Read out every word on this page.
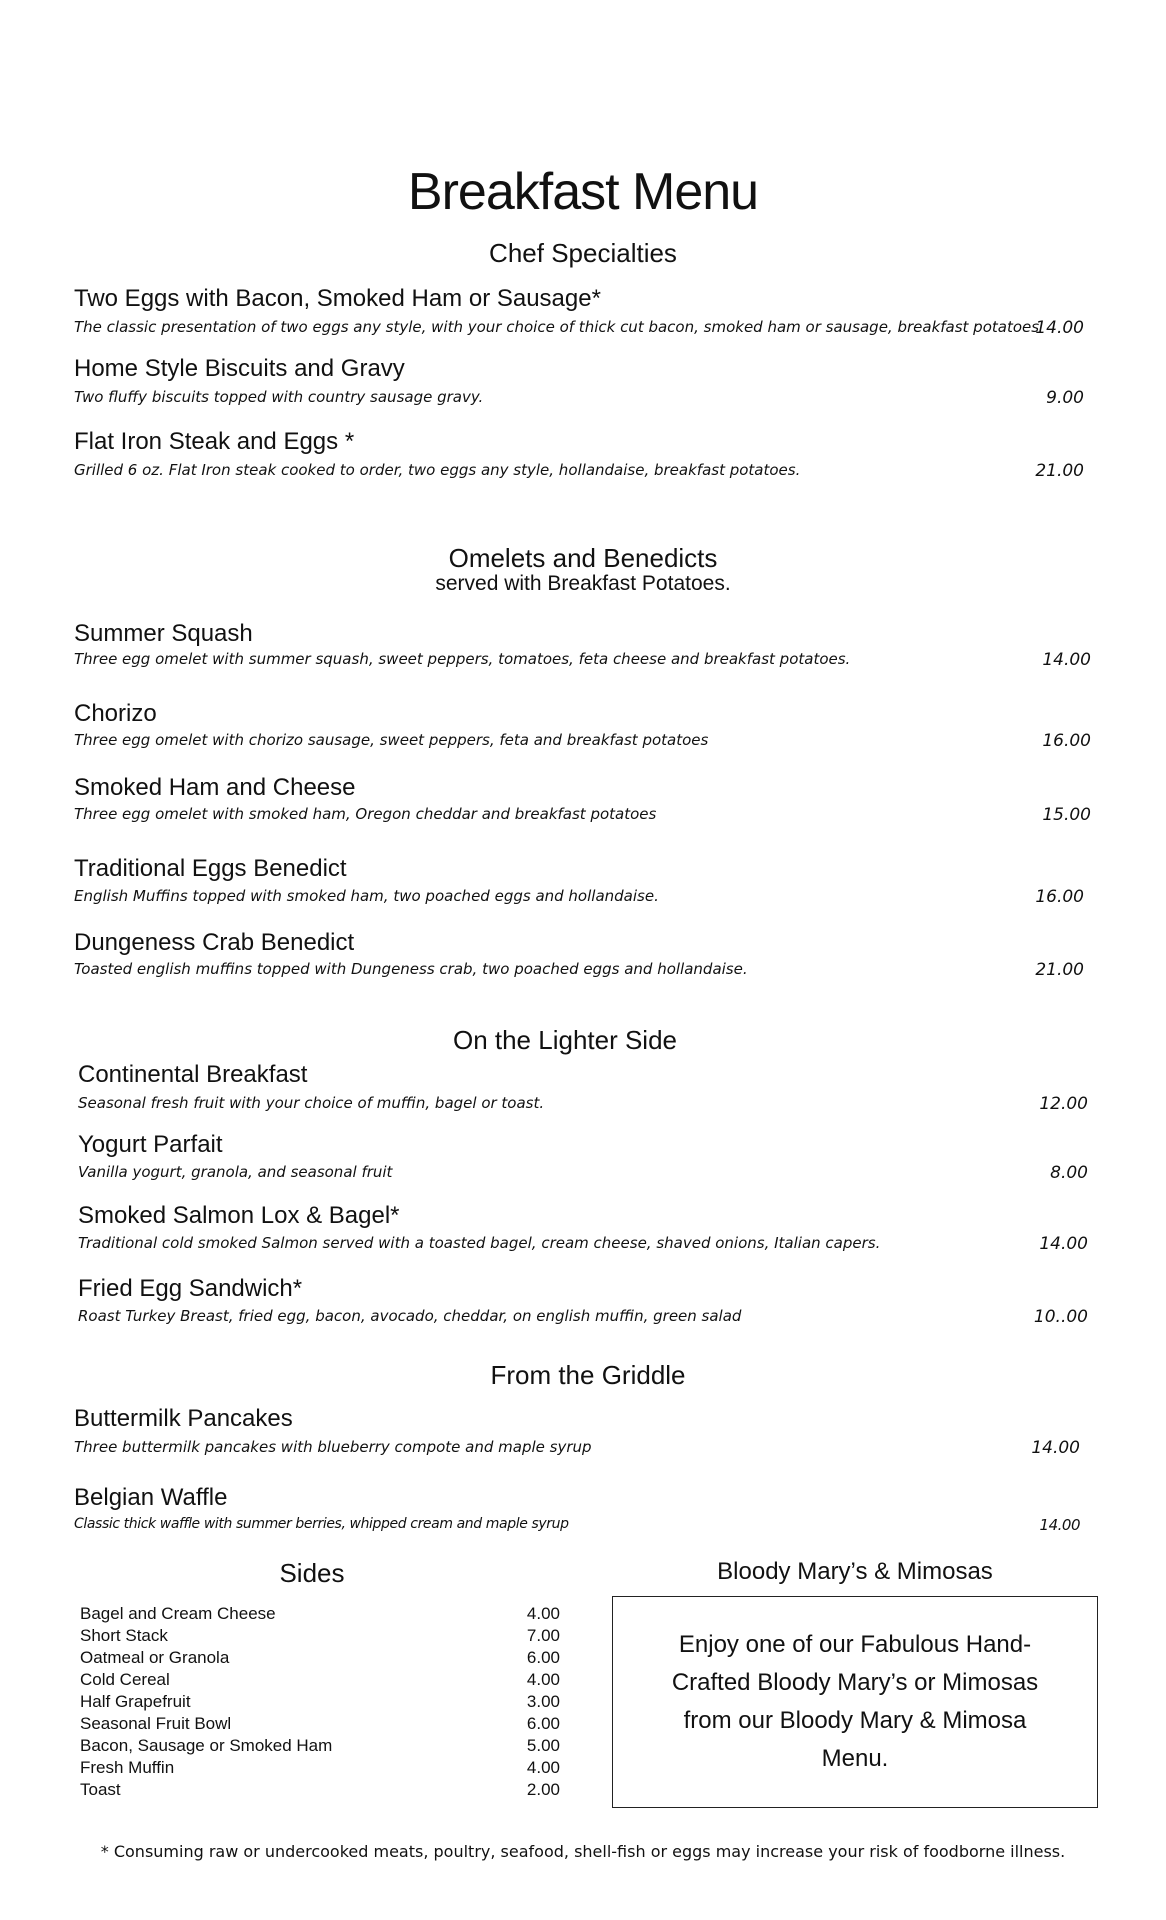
Breakfast Menu
Chef Specialties
Two Eggs with Bacon, Smoked Ham or Sausage*
The classic presentation of two eggs any style, with your choice of thick cut bacon, smoked ham or sausage, breakfast potatoes
14.00
Home Style Biscuits and Gravy
Two fluffy biscuits topped with country sausage gravy.	9.00
Flat Iron Steak and Eggs *
Grilled 6 oz. Flat Iron steak cooked to order, two eggs any style, hollandaise, breakfast potatoes.	21.00
Omelets and Benedicts
served with Breakfast Potatoes.
Summer Squash
Three egg omelet with summer squash, sweet peppers, tomatoes, feta cheese and breakfast potatoes.	14.00
Chorizo
Three egg omelet with chorizo sausage, sweet peppers, feta and breakfast potatoes	16.00
Smoked Ham and Cheese
Three egg omelet with smoked ham, Oregon cheddar and breakfast potatoes	15.00
Traditional Eggs Benedict
English Muffins topped with smoked ham, two poached eggs and hollandaise.	16.00
Dungeness Crab Benedict
Toasted english muffins topped with Dungeness crab, two poached eggs and hollandaise.	21.00
On the Lighter Side
Continental Breakfast
Seasonal fresh fruit with your choice of muffin, bagel or toast.	12.00
Yogurt Parfait
Vanilla yogurt, granola, and seasonal fruit	8.00
Smoked Salmon Lox & Bagel*
Traditional cold smoked Salmon served with a toasted bagel, cream cheese, shaved onions, Italian capers.	14.00
Fried Egg Sandwich*
Roast Turkey Breast, fried egg, bacon, avocado, cheddar, on english muffin, green salad	10..00
From the Griddle
Buttermilk Pancakes
Three buttermilk pancakes with blueberry compote and maple syrup	14.00
Belgian Waffle
Classic thick waffle with summer berries, whipped cream and maple syrup	14.00
Sides
Bagel and Cream Cheese	4.00
Short Stack	7.00
Oatmeal or Granola	6.00
Cold Cereal	4.00
Half Grapefruit	3.00
Seasonal Fruit Bowl	6.00
Bacon, Sausage or Smoked Ham	5.00
Fresh Muffin	4.00
Toast	2.00
Bloody Mary’s & Mimosas
Enjoy one of our Fabulous Hand-Crafted Bloody Mary’s or Mimosas from our Bloody Mary & Mimosa Menu.
* Consuming raw or undercooked meats, poultry, seafood, shell-fish or eggs may increase your risk of foodborne illness.
